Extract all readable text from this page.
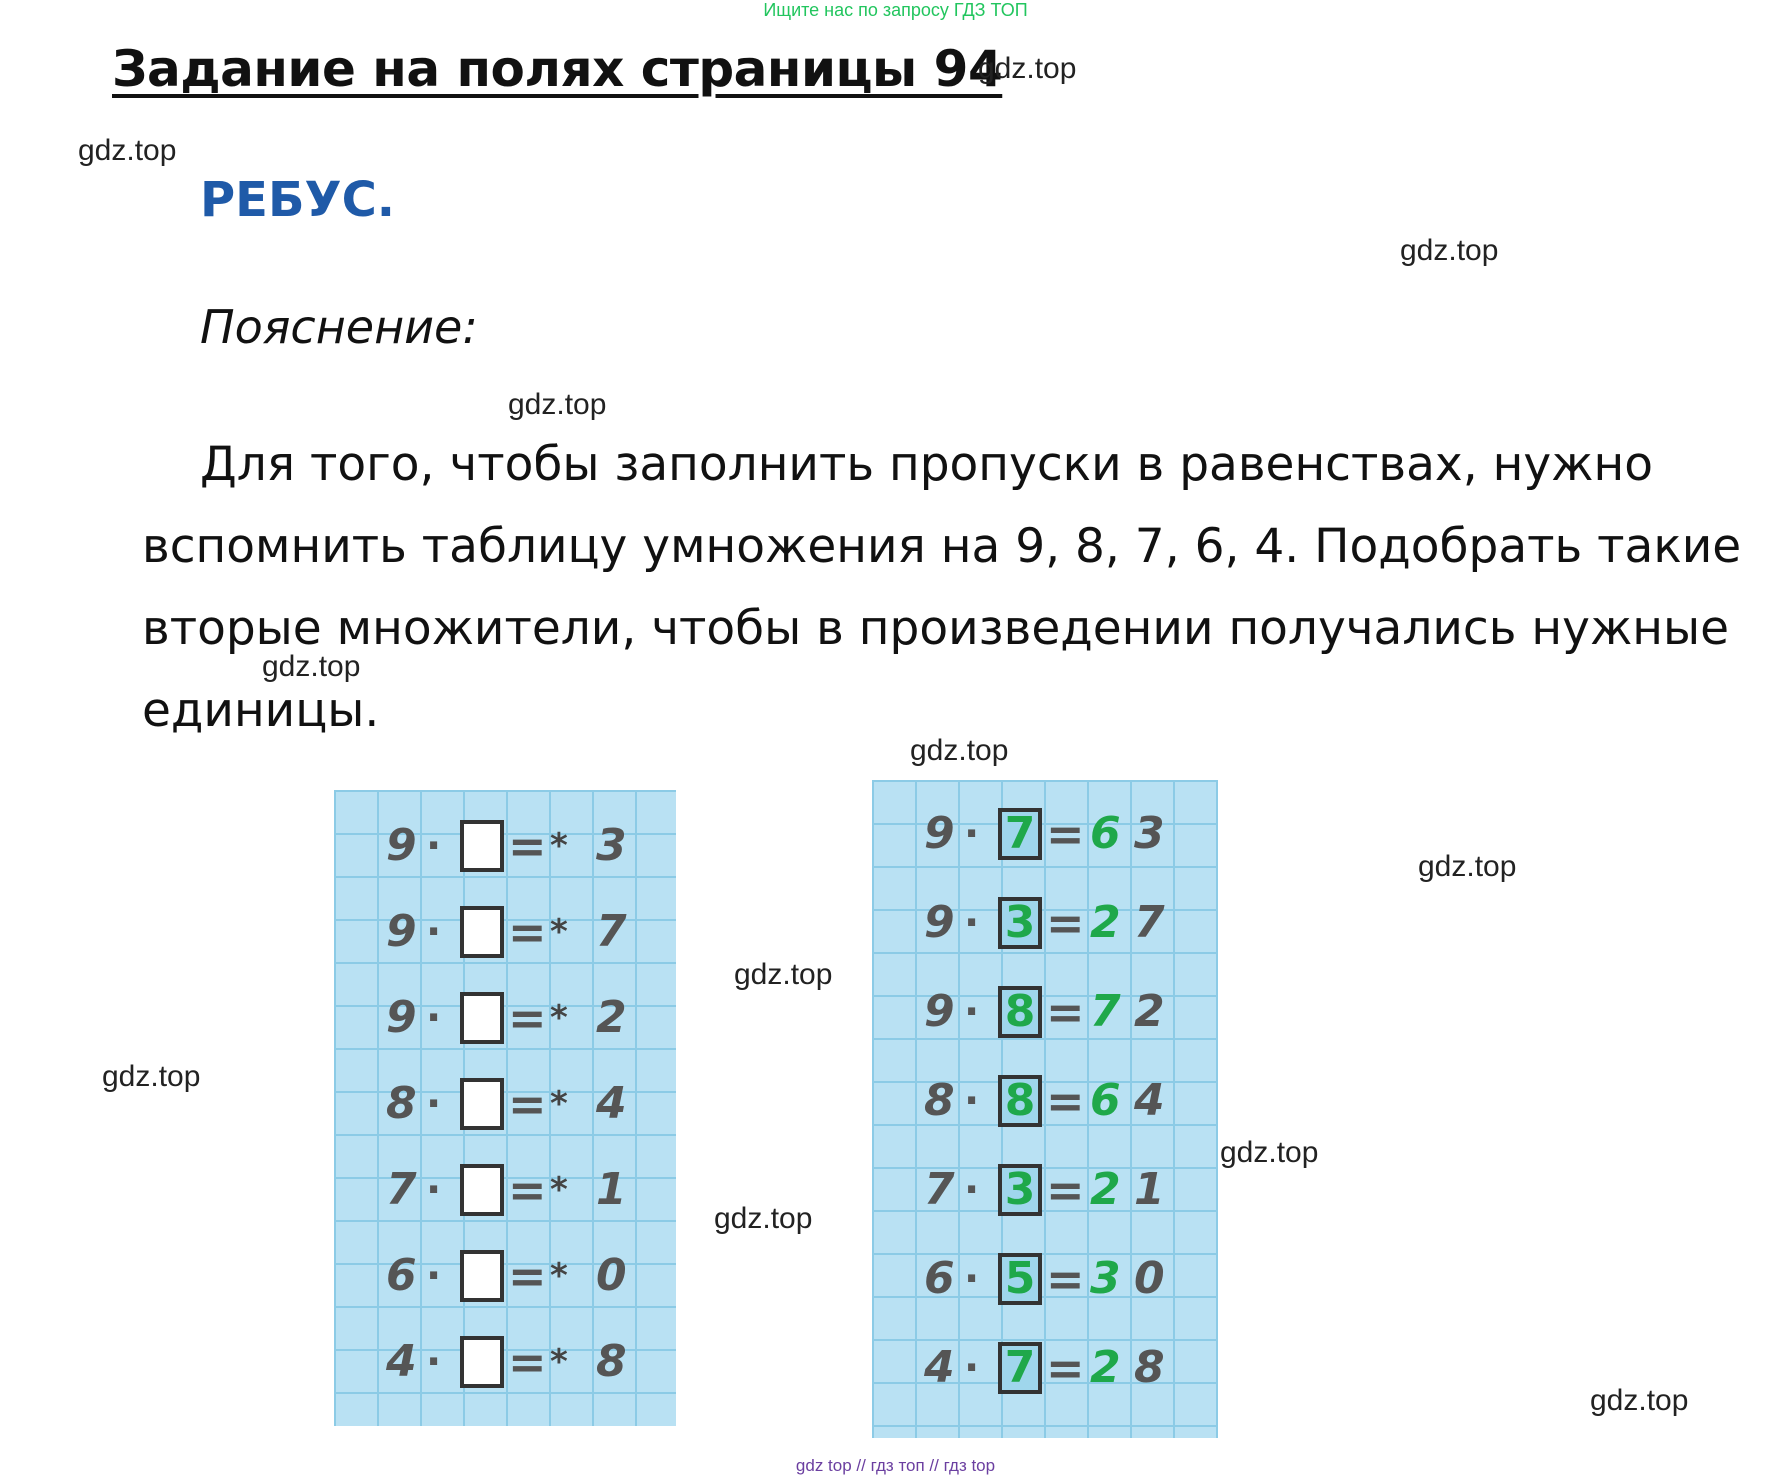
Ищите нас по запросу ГДЗ ТОП
Задание на полях страницы 94
РЕБУС.
Пояснение:
Для того, чтобы заполнить пропуски в равенствах, нужно вспомнить таблицу умножения на 9, 8, 7, 6, 4. Подобрать такие вторые множители, чтобы в произведении получались нужные единицы.
9 · = * 3
9 · = * 7
9 · = * 2
8 · = * 4
7 · = * 1
6 · = * 0
4 · = * 8
9 · 7 = 6 3
9 · 3 = 2 7
9 · 8 = 7 2
8 · 8 = 6 4
7 · 3 = 2 1
6 · 5 = 3 0
4 · 7 = 2 8
gdz.top
gdz.top
gdz.top
gdz.top
gdz.top
gdz.top
gdz.top
gdz.top
gdz.top
gdz.top
gdz.top
gdz.top
gdz top // гдз топ // гдз top
